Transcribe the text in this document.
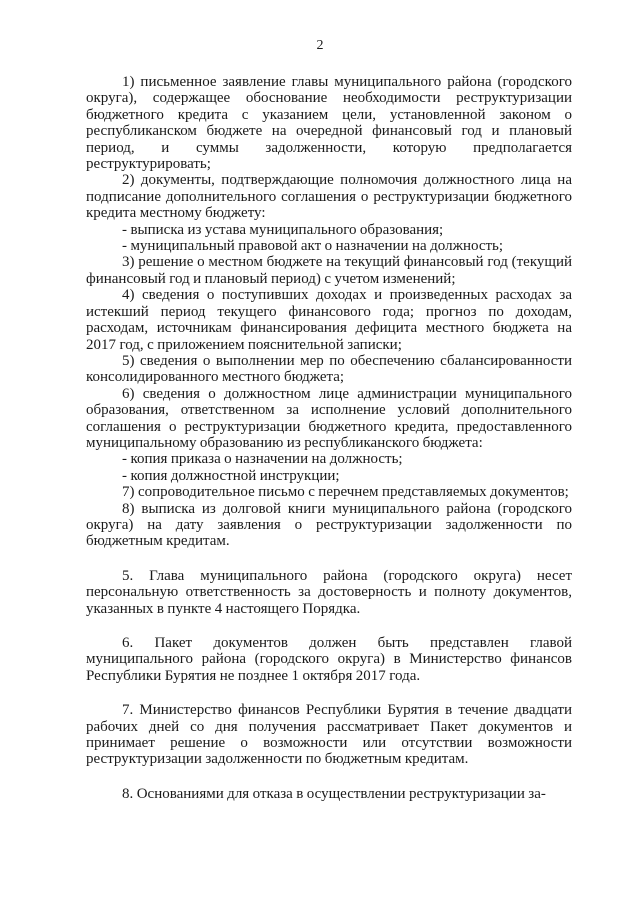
2

1) письменное заявление главы муниципального района (городского округа), содержащее обоснование необходимости реструктуризации бюджетного кредита с указанием цели, установленной законом о республиканском бюджете на очередной финансовый год и плановый период, и суммы задолженности, которую предполагается реструктурировать;

2) документы, подтверждающие полномочия должностного лица на подписание дополнительного соглашения о реструктуризации бюджетного кредита местному бюджету:

- выписка из устава муниципального образования;

- муниципальный правовой акт о назначении на должность;

3) решение о местном бюджете на текущий финансовый год (текущий финансовый год и плановый период) с учетом изменений;

4) сведения о поступивших доходах и произведенных расходах за истекший период текущего финансового года; прогноз по доходам, расходам, источникам финансирования дефицита местного бюджета на 2017 год, с приложением пояснительной записки;

5) сведения о выполнении мер по обеспечению сбалансированности консолидированного местного бюджета;

6) сведения о должностном лице администрации муниципального образования, ответственном за исполнение условий дополнительного соглашения о реструктуризации бюджетного кредита, предоставленного муниципальному образованию из республиканского бюджета:

- копия приказа о назначении на должность;

- копия должностной инструкции;

7) сопроводительное письмо с перечнем представляемых документов;

8) выписка из долговой книги муниципального района (городского округа) на дату заявления о реструктуризации задолженности по бюджетным кредитам.

5. Глава муниципального района (городского округа) несет персональную ответственность за достоверность и полноту документов, указанных в пункте 4 настоящего Порядка.

6. Пакет документов должен быть представлен главой муниципального района (городского округа) в Министерство финансов Республики Бурятия не позднее 1 октября 2017 года.

7. Министерство финансов Республики Бурятия в течение двадцати рабочих дней со дня получения рассматривает Пакет документов и принимает решение о возможности или отсутствии возможности реструктуризации задолженности по бюджетным кредитам.

8. Основаниями для отказа в осуществлении реструктуризации за-
